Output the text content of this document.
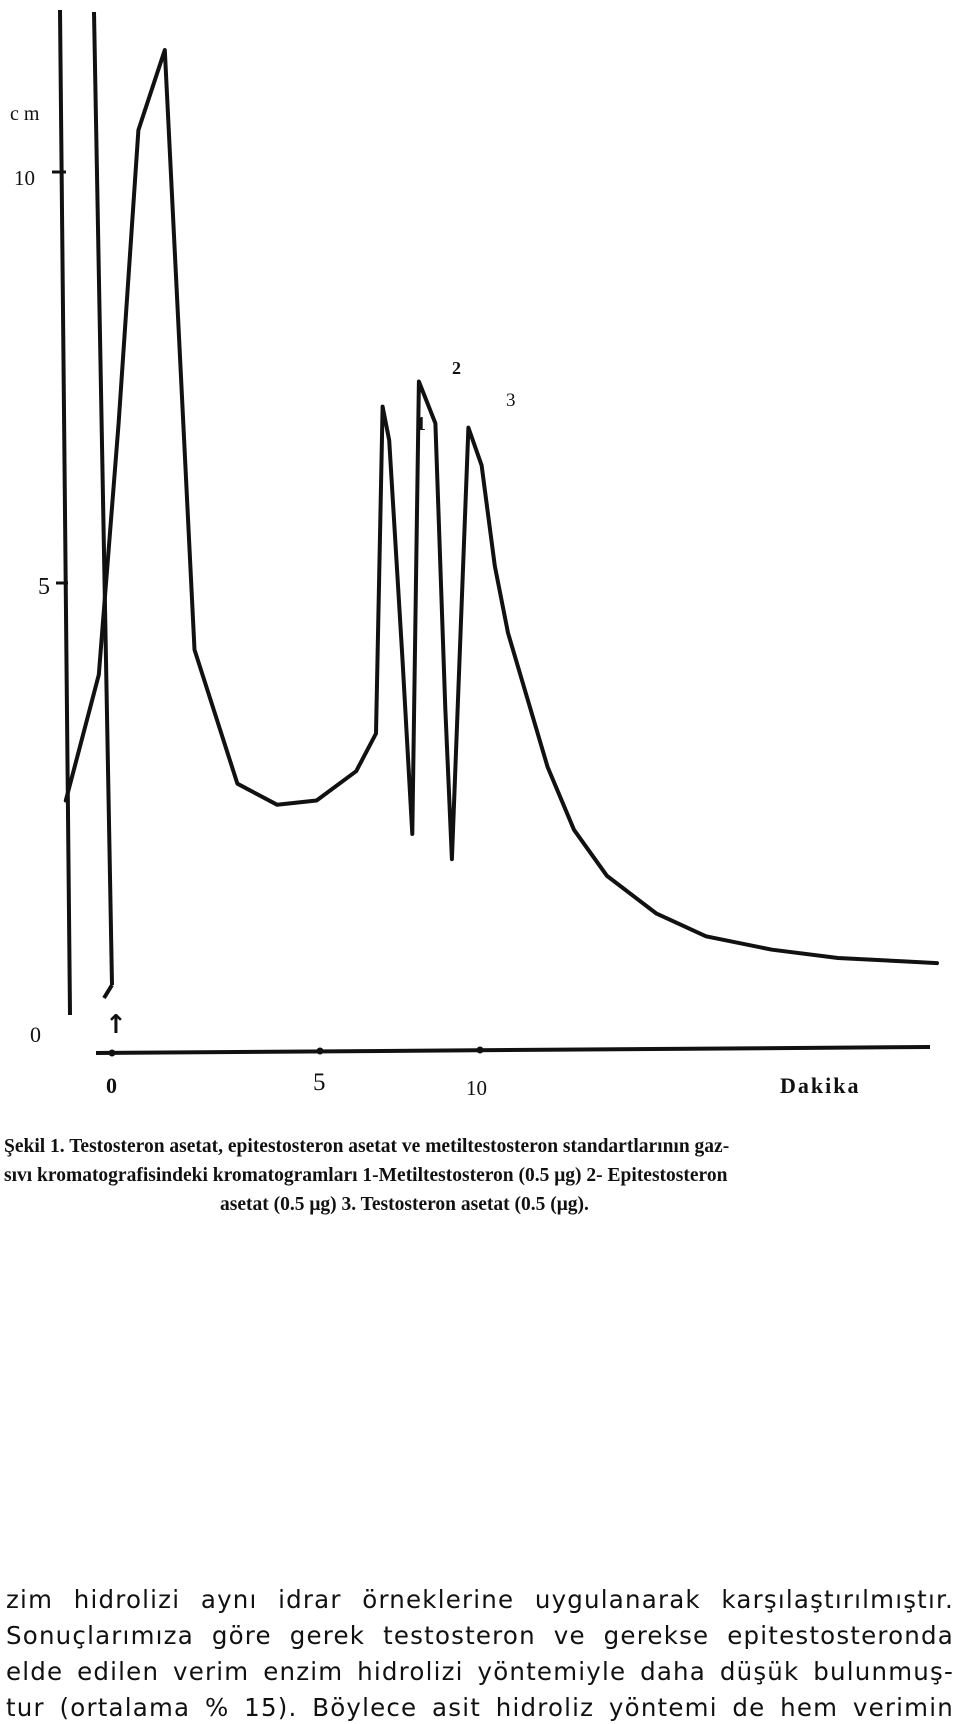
c m
10
5
0
0	5	10	Dakika
↑
1
2
3
Şekil 1. Testosteron asetat, epitestosteron asetat ve metiltestosteron standartlarının gaz-
sıvı kromatografisindeki kromatogramları 1-Metiltestosteron (0.5 μg) 2- Epitestosteron
asetat (0.5 μg) 3. Testosteron asetat (0.5 (μg).
zim hidrolizi aynı idrar örneklerine uygulanarak karşılaştırılmıştır.
Sonuçlarımıza göre gerek testosteron ve gerekse epitestosteronda
elde edilen verim enzim hidrolizi yöntemiyle daha düşük bulunmuş-
tur (ortalama % 15). Böylece asit hidroliz yöntemi de hem verimin
